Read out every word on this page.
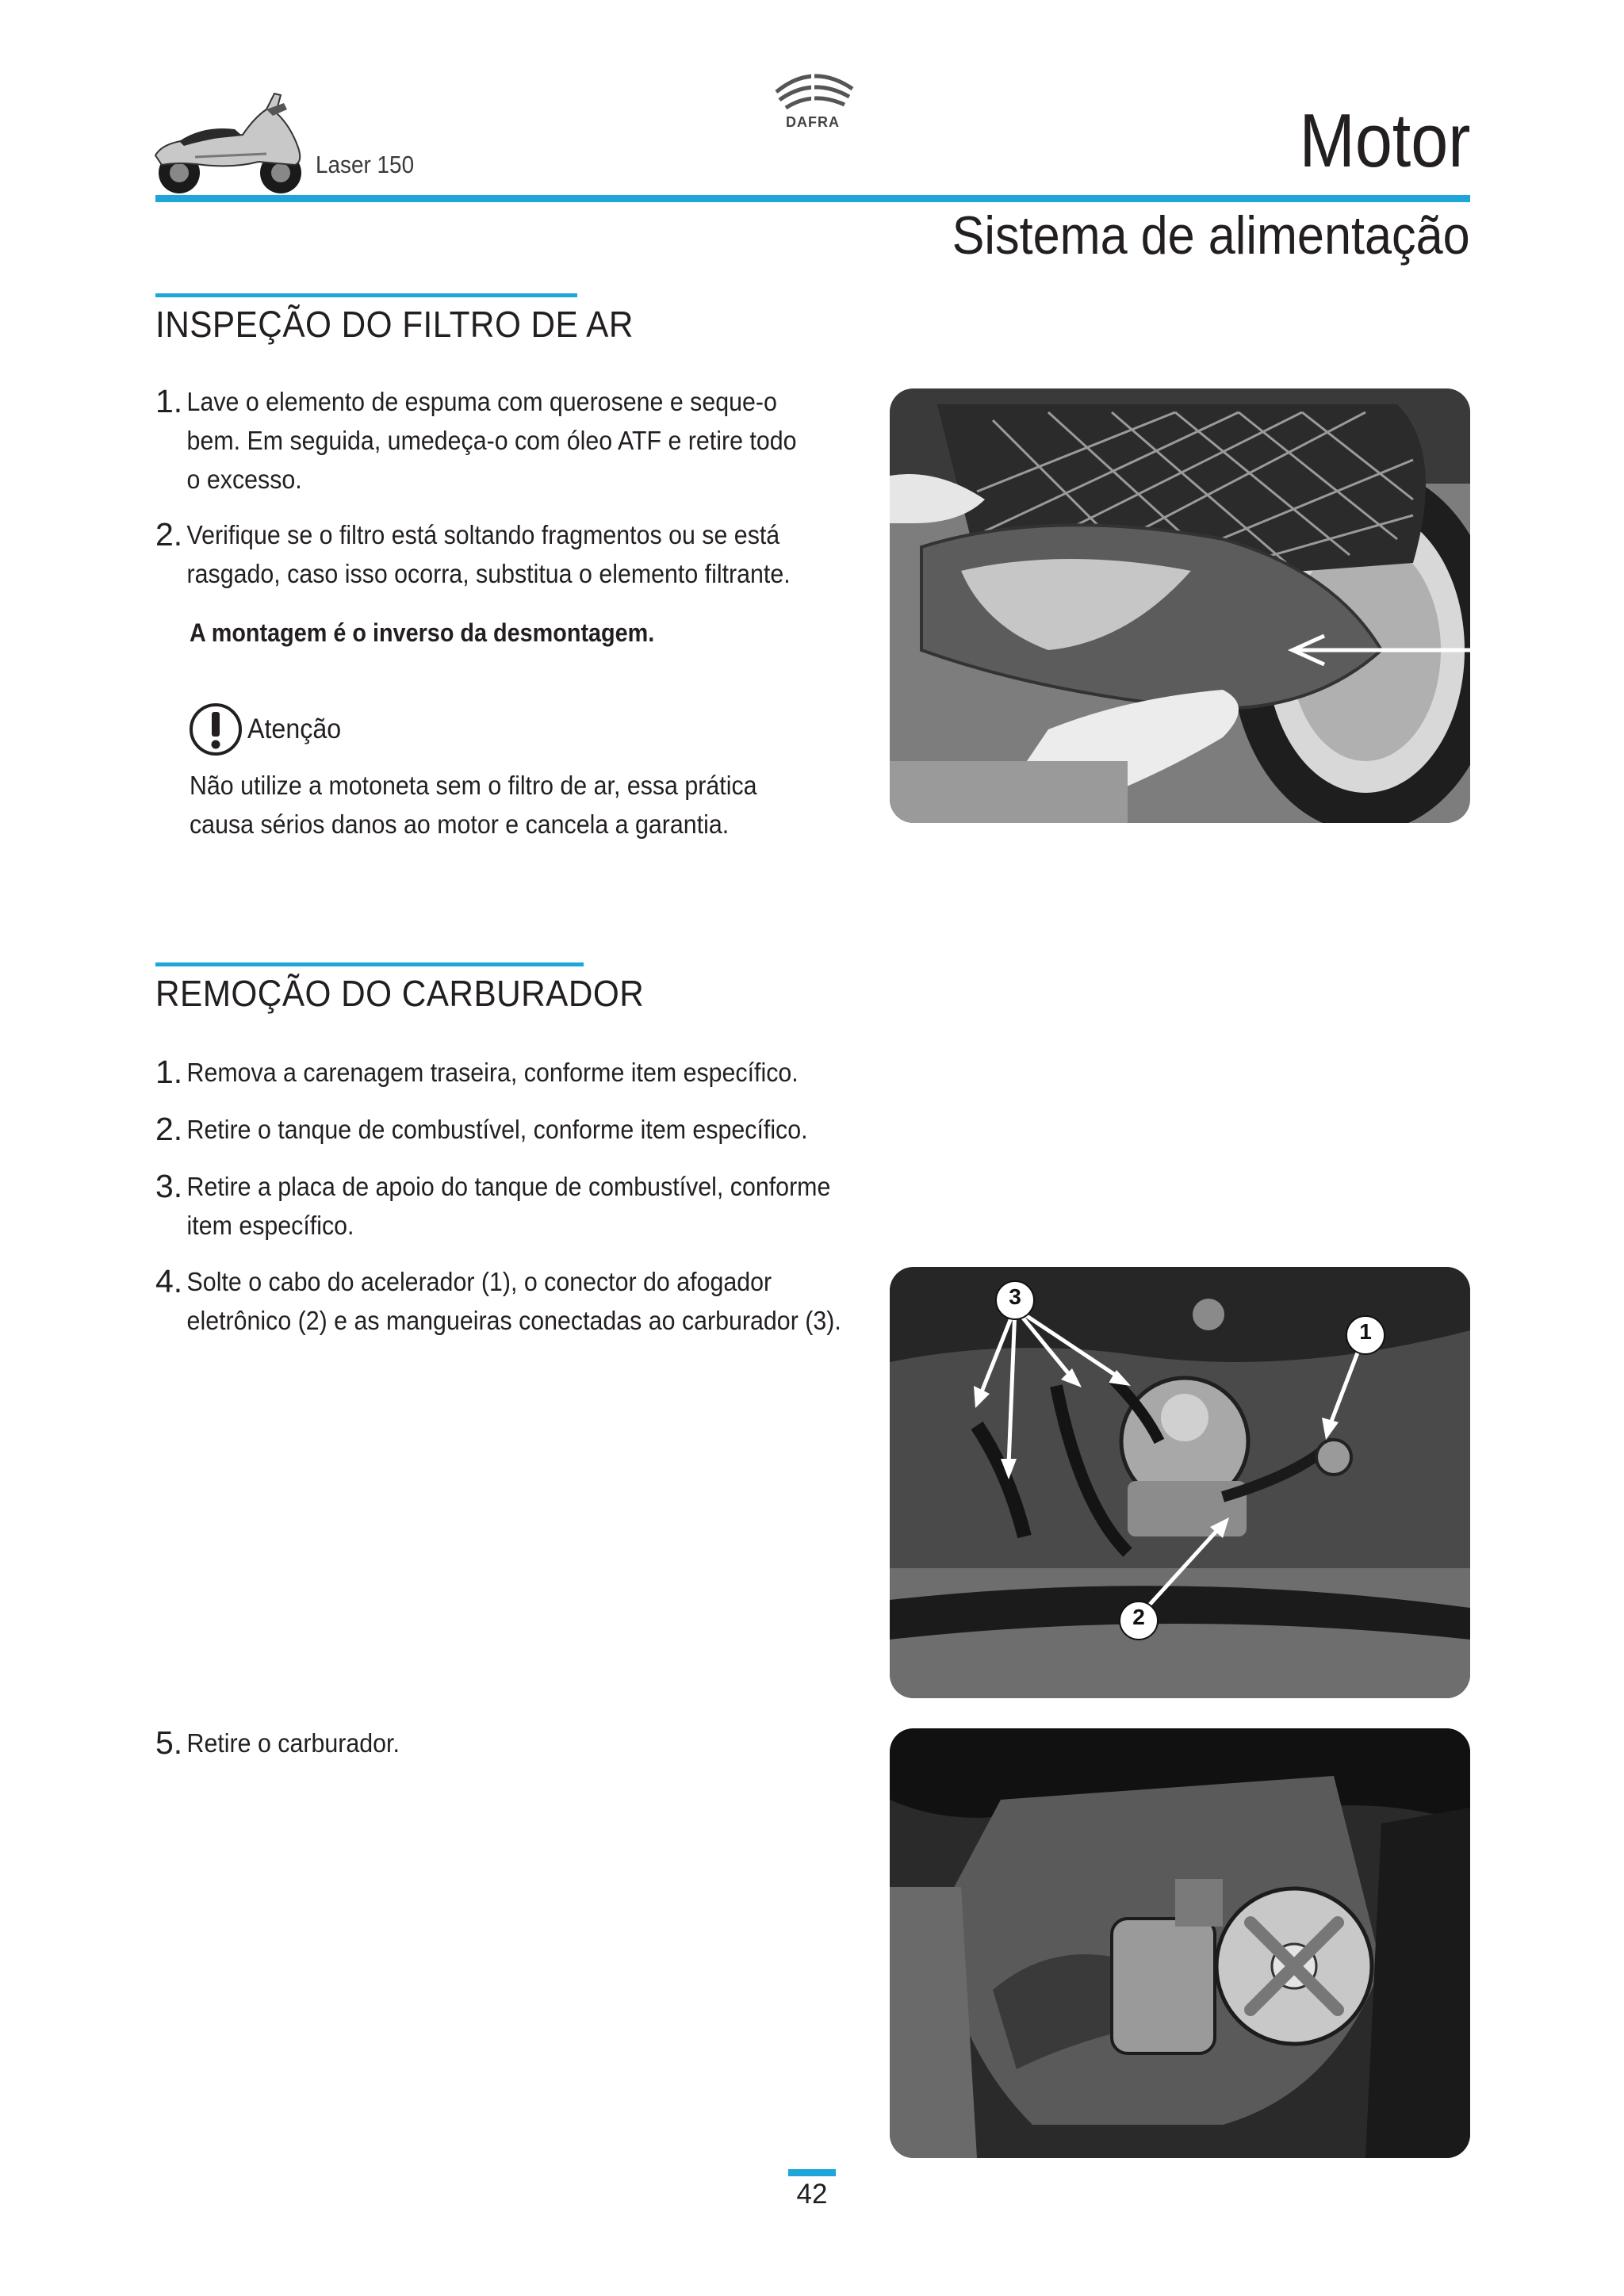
Laser 150
DAFRA	Motor
Sistema de alimentação
INSPEÇÃO DO FILTRO DE AR
1. Lave o elemento de espuma com querosene e seque-o
bem. Em seguida, umedeça-o com óleo ATF e retire todo
o excesso.
2. Verifique se o filtro está soltando fragmentos ou se está
rasgado, caso isso ocorra, substitua o elemento filtrante.
A montagem é o inverso da desmontagem.
Atenção
Não utilize a motoneta sem o filtro de ar, essa prática
causa sérios danos ao motor e cancela a garantia.
REMOÇÃO DO CARBURADOR
1. Remova a carenagem traseira, conforme item específico.
2. Retire o tanque de combustível, conforme item específico.
3. Retire a placa de apoio do tanque de combustível, conforme
item específico.
4. Solte o cabo do acelerador (1), o conector do afogador
eletrônico (2) e as mangueiras conectadas ao carburador (3).
3
1
2
5. Retire o carburador.
42
